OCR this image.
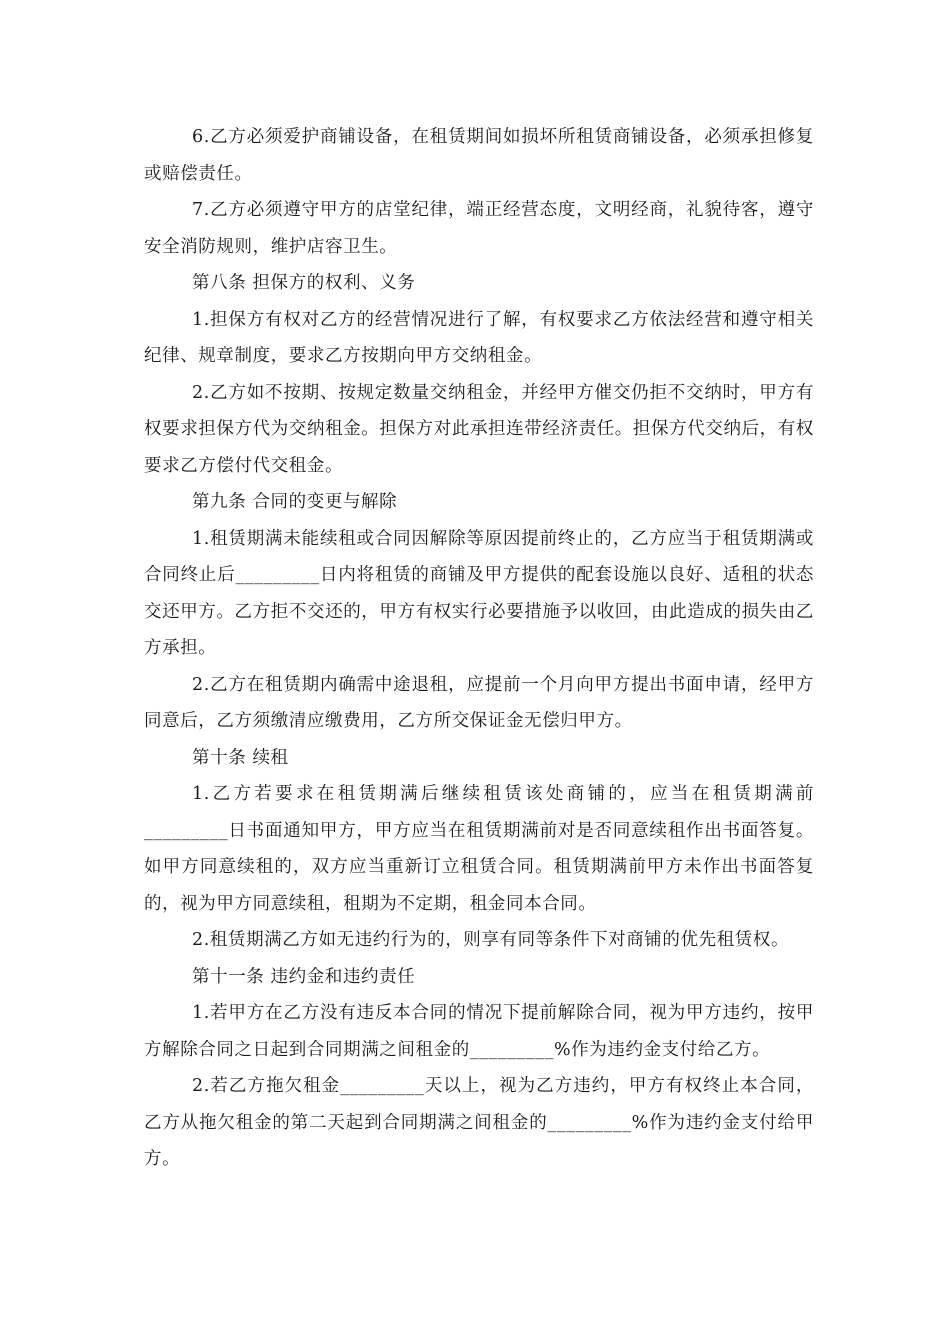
6.乙方必须爱护商铺设备，在租赁期间如损坏所租赁商铺设备，必须承担修复或赔偿责任。

7.乙方必须遵守甲方的店堂纪律，端正经营态度，文明经商，礼貌待客，遵守安全消防规则，维护店容卫生。

第八条 担保方的权利、义务

1.担保方有权对乙方的经营情况进行了解，有权要求乙方依法经营和遵守相关纪律、规章制度，要求乙方按期向甲方交纳租金。

2.乙方如不按期、按规定数量交纳租金，并经甲方催交仍拒不交纳时，甲方有权要求担保方代为交纳租金。担保方对此承担连带经济责任。担保方代交纳后，有权要求乙方偿付代交租金。

第九条 合同的变更与解除

1.租赁期满未能续租或合同因解除等原因提前终止的，乙方应当于租赁期满或合同终止后_________日内将租赁的商铺及甲方提供的配套设施以良好、适租的状态交还甲方。乙方拒不交还的，甲方有权实行必要措施予以收回，由此造成的损失由乙方承担。

2.乙方在租赁期内确需中途退租，应提前一个月向甲方提出书面申请，经甲方同意后，乙方须缴清应缴费用，乙方所交保证金无偿归甲方。

第十条 续租

1.乙方若要求在租赁期满后继续租赁该处商铺的，应当在租赁期满前_________日书面通知甲方，甲方应当在租赁期满前对是否同意续租作出书面答复。如甲方同意续租的，双方应当重新订立租赁合同。租赁期满前甲方未作出书面答复的，视为甲方同意续租，租期为不定期，租金同本合同。

2.租赁期满乙方如无违约行为的，则享有同等条件下对商铺的优先租赁权。

第十一条 违约金和违约责任

1.若甲方在乙方没有违反本合同的情况下提前解除合同，视为甲方违约，按甲方解除合同之日起到合同期满之间租金的_________%作为违约金支付给乙方。

2.若乙方拖欠租金_________天以上，视为乙方违约，甲方有权终止本合同，乙方从拖欠租金的第二天起到合同期满之间租金的_________%作为违约金支付给甲方。
